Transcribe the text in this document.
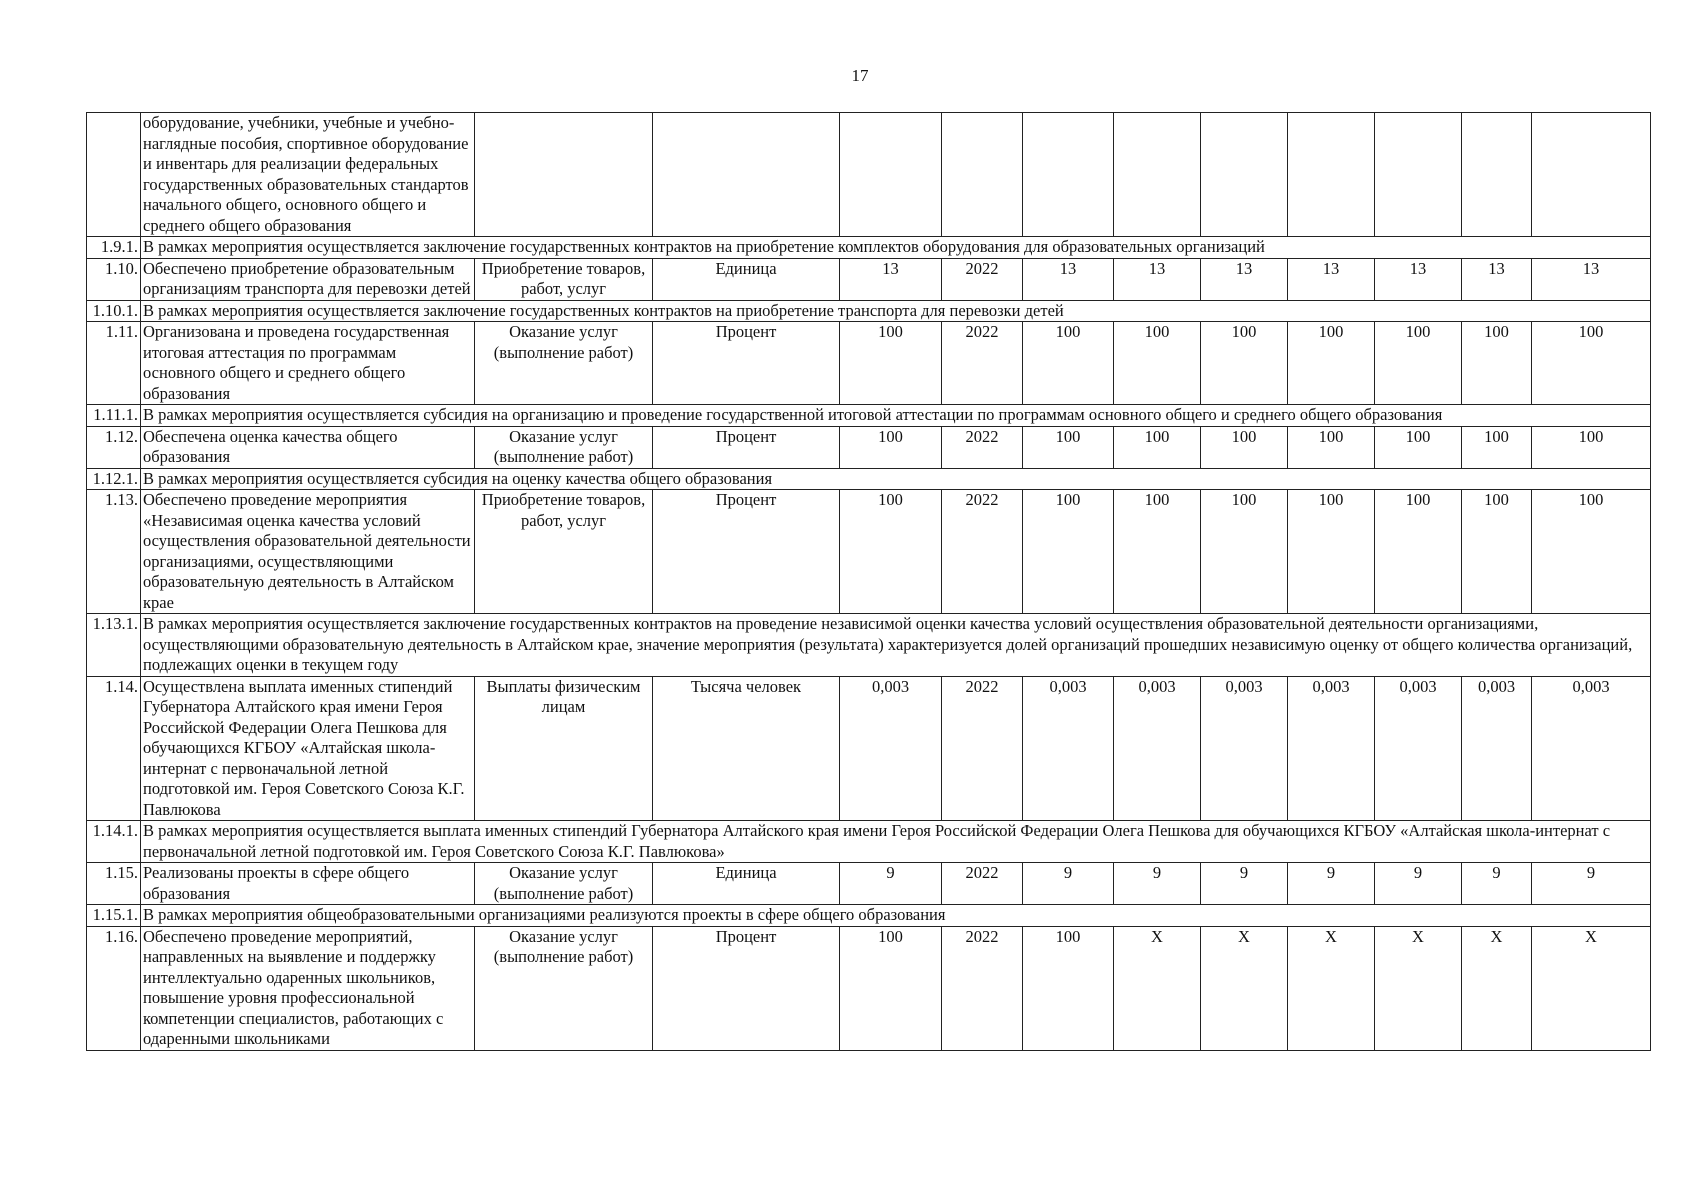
17
	оборудование, учебники, учебные и учебно-наглядные пособия, спортивное оборудование и инвентарь для реализации федеральных государственных образовательных стандартов начального общего, основного общего и среднего общего образования											
1.9.1.	В рамках мероприятия осуществляется заключение государственных контрактов на приобретение комплектов оборудования для образовательных организаций											
1.10.	Обеспечено приобретение образовательным организациям транспорта для перевозки детей	Приобретение товаров, работ, услуг	Единица	13	2022	13	13	13	13	13	13	13
1.10.1.	В рамках мероприятия осуществляется заключение государственных контрактов на приобретение транспорта для перевозки детей											
1.11.	Организована и проведена государственная итоговая аттестация по программам основного общего и среднего общего образования	Оказание услуг (выполнение работ)	Процент	100	2022	100	100	100	100	100	100	100
1.11.1.	В рамках мероприятия осуществляется субсидия на организацию и проведение государственной итоговой аттестации по программам основного общего и среднего общего образования											
1.12.	Обеспечена оценка качества общего образования	Оказание услуг (выполнение работ)	Процент	100	2022	100	100	100	100	100	100	100
1.12.1.	В рамках мероприятия осуществляется субсидия на оценку качества общего образования											
1.13.	Обеспечено проведение мероприятия «Независимая оценка качества условий осуществления образовательной деятельности организациями, осуществляющими образовательную деятельность в Алтайском крае	Приобретение товаров, работ, услуг	Процент	100	2022	100	100	100	100	100	100	100
1.13.1.	В рамках мероприятия осуществляется заключение государственных контрактов на проведение независимой оценки качества условий осуществления образовательной деятельности организациями, осуществляющими образовательную деятельность в Алтайском крае, значение мероприятия (результата) характеризуется долей организаций прошедших независимую оценку от общего количества организаций, подлежащих оценки в текущем году											
1.14.	Осуществлена выплата именных стипендий Губернатора Алтайского края имени Героя Российской Федерации Олега Пешкова для обучающихся КГБОУ «Алтайская школа-интернат с первоначальной летной подготовкой им. Героя Советского Союза К.Г. Павлюкова	Выплаты физическим лицам	Тысяча человек	0,003	2022	0,003	0,003	0,003	0,003	0,003	0,003	0,003
1.14.1.	В рамках мероприятия осуществляется выплата именных стипендий Губернатора Алтайского края имени Героя Российской Федерации Олега Пешкова для обучающихся КГБОУ «Алтайская школа-интернат с первоначальной летной подготовкой им. Героя Советского Союза К.Г. Павлюкова»											
1.15.	Реализованы проекты в сфере общего образования	Оказание услуг (выполнение работ)	Единица	9	2022	9	9	9	9	9	9	9
1.15.1.	В рамках мероприятия общеобразовательными организациями реализуются проекты в сфере общего образования											
1.16.	Обеспечено проведение мероприятий, направленных на выявление и поддержку интеллектуально одаренных школьников, повышение уровня профессиональной компетенции специалистов, работающих с одаренными школьниками	Оказание услуг (выполнение работ)	Процент	100	2022	100	Х	Х	Х	Х	Х	Х
